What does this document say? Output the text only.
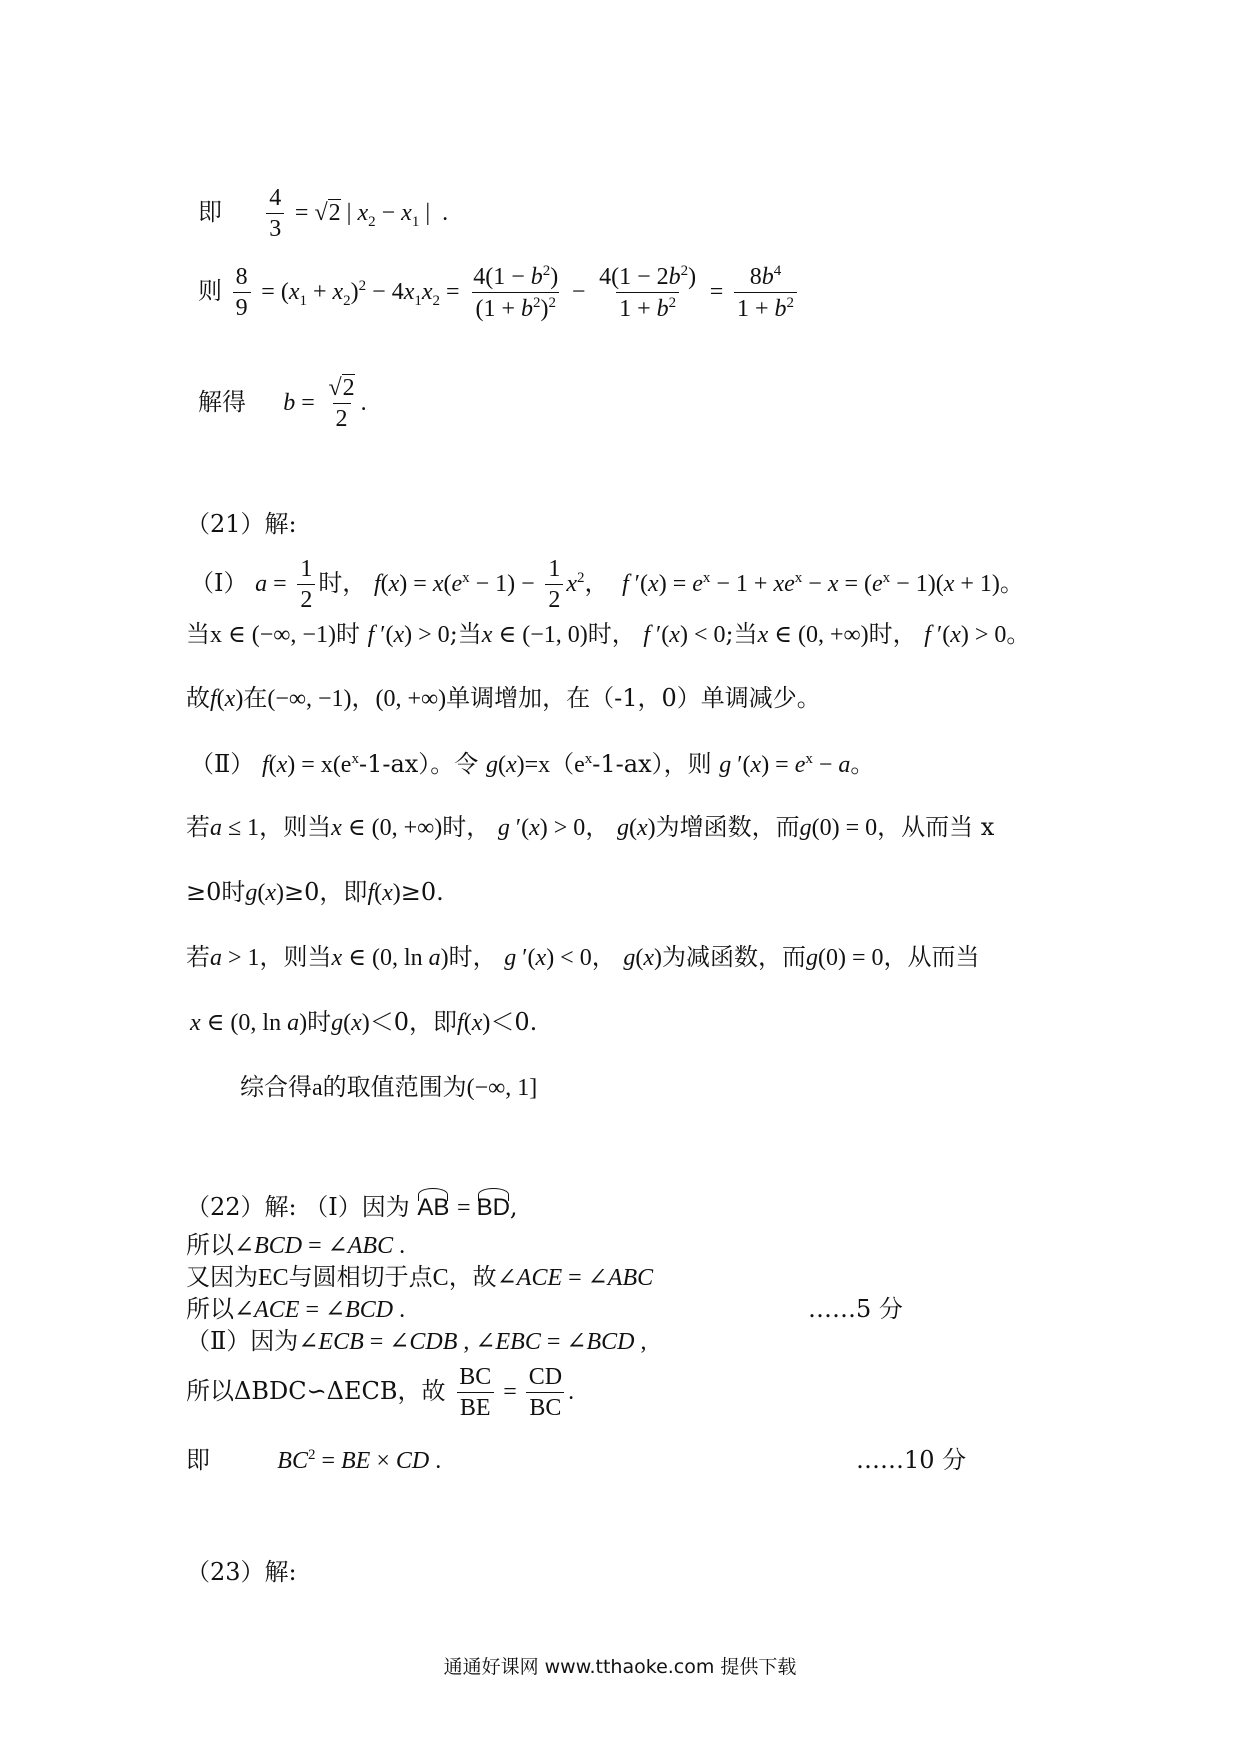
即 $\frac{4}{3} = √2$ | $x_2 - x_1$ |  .
则 $\frac{8}{9} = (x_1 + x_2)^2 - 4x_1x_2 = \frac{4(1 - b^2)}{(1 + b^2)^2} - \frac{4(1 - 2b^2)}{1 + b^2} = \frac{8b^4}{1 + b^2}$
解得 $b = \frac{√2}{2}$ .
（21）解:
（Ⅰ） $a = \frac{1}{2}$ 时， $f(x) = x(e^x - 1) - \frac{1}{2} x^2$，  f $'(x) = e^x - 1 + xe^x - x = (e^x - 1)(x + 1)$。
当x ∈ (−∞, −1)时 f ′(x) > 0;当x ∈ (−1, 0)时， f ′(x) < 0;当x ∈ (0, +∞)时， f ′(x) > 0。
故f(x)在(−∞, −1)，(0, +∞)单调增加，在（-1，0）单调减少。
（Ⅱ） $f(x) = x(e^x-1-ax)$。令 $g(x)=x(e^x-1-ax)$，则 g $'(x) = e^x - a$。
若a ≤ 1，则当x ∈ (0, +∞)时， g ′(x) > 0， g(x)为增函数，而g(0) = 0，从而当 x
≥0时g(x)≥0，即f(x)≥0.
若a > 1，则当x ∈ (0, ln a)时， g ′(x) < 0， g(x)为减函数，而g(0) = 0，从而当
x ∈ (0, ln a)时g(x)＜0，即f(x)＜0.
综合得a的取值范围为(−∞, 1]
（22）解: （Ⅰ）因为 AB = BD,
所以∠BCD = ∠ABC .
又因为EC与圆相切于点C，故∠ACE = ∠ABC
所以∠ACE = ∠BCD .	……5 分
（Ⅱ）因为∠ECB = ∠CDB , ∠EBC = ∠BCD ,
所以ΔBDC∽ΔECB，故 $\frac{BC}{BE} = \frac{CD}{BC}$ .
即	$BC^2$ = BE × CD .	……10 分
（23）解:
通通好课网 www.tthaoke.com 提供下载
